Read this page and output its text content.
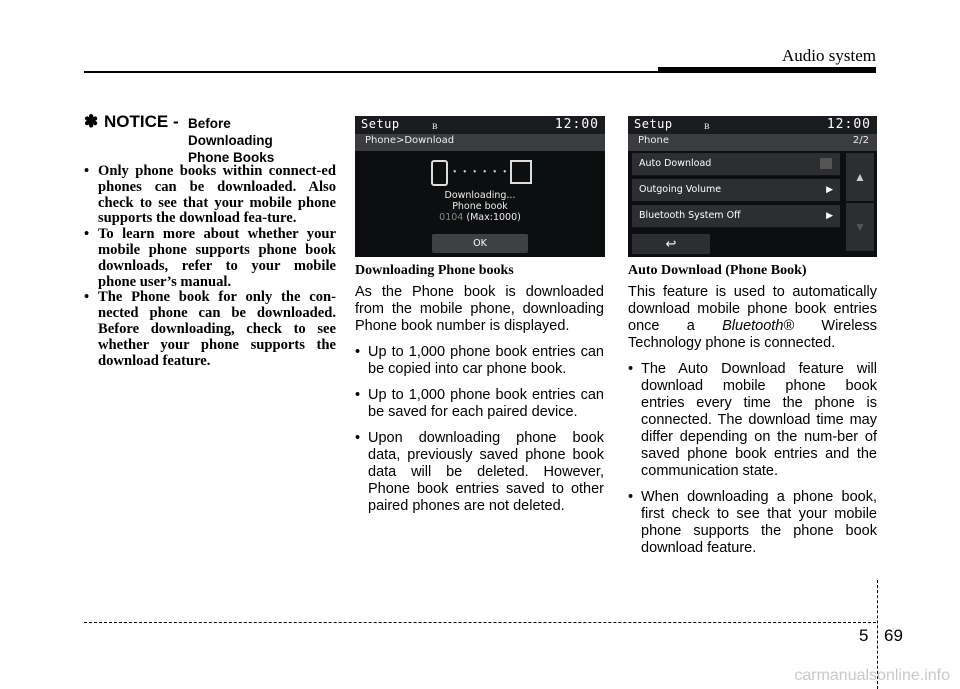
Audio system
✽ NOTICE - Before
Downloading
Phone Books
• Only phone books within connect-ed phones can be downloaded. Also check to see that your mobile phone supports the download fea-ture.
• To learn more about whether your mobile phone supports phone book downloads, refer to your mobile phone user’s manual.
• The Phone book for only the con-nected phone can be downloaded. Before downloading, check to see whether your phone supports the download feature.
Setup	ʙ	12:00
Phone>Download
• • • • • •
Downloading...
Phone book
0104 (Max:1000)
OK
Setup	ʙ	12:00
Phone	2/2
Auto Download
Outgoing Volume	▶
Bluetooth System Off	▶
▲
▼
↩
Downloading Phone books

As the Phone book is downloaded from the mobile phone, downloading Phone book number is displayed.

• Up to 1,000 phone book entries can be copied into car phone book.
• Up to 1,000 phone book entries can be saved for each paired device.
• Upon downloading phone book data, previously saved phone book data will be deleted. However, Phone book entries saved to other paired phones are not deleted.
Auto Download (Phone Book)

This feature is used to automatically download mobile phone book entries once a Bluetooth® Wireless Technology phone is connected.

• The Auto Download feature will download mobile phone book entries every time the phone is connected. The download time may differ depending on the num-ber of saved phone book entries and the communication state.
• When downloading a phone book, first check to see that your mobile phone supports the phone book download feature.
5 69
carmanualsonline.info
